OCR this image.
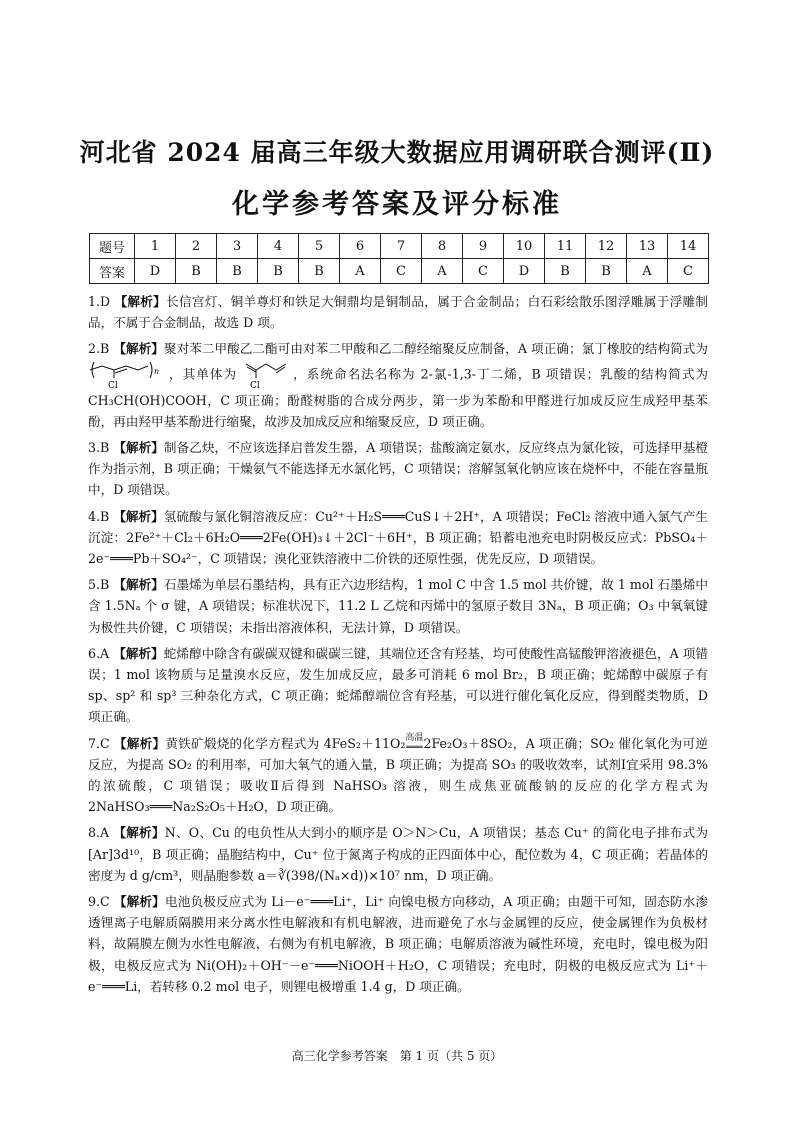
河北省 2024 届高三年级大数据应用调研联合测评(Ⅱ)
化学参考答案及评分标准
题号	1	2	3	4	5	6	7	8	9	10	11	12	13	14
答案	D	B	B	B	B	A	C	A	C	D	B	B	A	C

1.D 【解析】长信宫灯、铜羊尊灯和铁足大铜鼎均是铜制品，属于合金制品；白石彩绘散乐图浮雕属于浮雕制品，不属于合金制品，故选 D 项。

2.B 【解析】聚对苯二甲酸乙二酯可由对苯二甲酸和乙二醇经缩聚反应制备，A 项正确；氯丁橡胶的结构简式为
Cl
n ，其单体为
Cl
，系统命名法名称为 2-氯-1,3-丁二烯，B 项错误；乳酸的结构简式为 CH₃CH(OH)COOH，C 项正确；酚醛树脂的合成分两步，第一步为苯酚和甲醛进行加成反应生成羟甲基苯酚，再由羟甲基苯酚进行缩聚，故涉及加成反应和缩聚反应，D 项正确。

3.B 【解析】制备乙炔，不应该选择启普发生器，A 项错误；盐酸滴定氨水，反应终点为氯化铵，可选择甲基橙作为指示剂，B 项正确；干燥氨气不能选择无水氯化钙，C 项错误；溶解氢氧化钠应该在烧杯中，不能在容量瓶中，D 项错误。

4.B 【解析】氢硫酸与氯化铜溶液反应：Cu²⁺＋H₂S═══CuS↓＋2H⁺，A 项错误；FeCl₂ 溶液中通入氯气产生沉淀：2Fe²⁺＋Cl₂＋6H₂O═══2Fe(OH)₃↓＋2Cl⁻＋6H⁺，B 项正确；铅蓄电池充电时阴极反应式：PbSO₄＋2e⁻═══Pb＋SO₄²⁻，C 项错误；溴化亚铁溶液中二价铁的还原性强，优先反应，D 项错误。

5.B 【解析】石墨烯为单层石墨结构，具有正六边形结构，1 mol C 中含 1.5 mol 共价键，故 1 mol 石墨烯中含 1.5Nₐ 个 σ 键，A 项错误；标准状况下，11.2 L 乙烷和丙烯中的氢原子数目 3Nₐ，B 项正确；O₃ 中氧氧键为极性共价键，C 项错误；未指出溶液体积，无法计算，D 项错误。

6.A 【解析】蛇烯醇中除含有碳碳双键和碳碳三键，其端位还含有羟基，均可使酸性高锰酸钾溶液褪色，A 项错误；1 mol 该物质与足量溴水反应，发生加成反应，最多可消耗 6 mol Br₂，B 项正确；蛇烯醇中碳原子有 sp、sp² 和 sp³ 三种杂化方式，C 项正确；蛇烯醇端位含有羟基，可以进行催化氧化反应，得到醛类物质，D 项正确。

7.C 【解析】黄铁矿煅烧的化学方程式为 4FeS₂＋11O₂高温
═══2Fe₂O₃＋8SO₂，A 项正确；SO₂ 催化氧化为可逆反应，为提高 SO₂ 的利用率，可加大氧气的通入量，B 项正确；为提高 SO₃ 的吸收效率，试剂Ⅰ宜采用 98.3% 的浓硫酸，C 项错误；吸收Ⅱ后得到 NaHSO₃ 溶液，则生成焦亚硫酸钠的反应的化学方程式为 2NaHSO₃═══Na₂S₂O₅＋H₂O，D 项正确。

8.A 【解析】N、O、Cu 的电负性从大到小的顺序是 O＞N＞Cu，A 项错误；基态 Cu⁺ 的简化电子排布式为 [Ar]3d¹⁰，B 项正确；晶胞结构中，Cu⁺ 位于氮离子构成的正四面体中心，配位数为 4，C 项正确；若晶体的密度为 d g/cm³，则晶胞参数 a＝∛(398/(Nₐ×d))×10⁷ nm，D 项正确。

9.C 【解析】电池负极反应式为 Li－e⁻═══Li⁺，Li⁺ 向镍电极方向移动，A 项正确；由题干可知，固态防水渗透锂离子电解质隔膜用来分离水性电解液和有机电解液，进而避免了水与金属锂的反应，使金属锂作为负极材料，故隔膜左侧为水性电解液，右侧为有机电解液，B 项正确；电解质溶液为碱性环境，充电时，镍电极为阳极，电极反应式为 Ni(OH)₂＋OH⁻－e⁻═══NiOOH＋H₂O，C 项错误；充电时，阴极的电极反应式为 Li⁺＋e⁻═══Li，若转移 0.2 mol 电子，则锂电极增重 1.4 g，D 项正确。

高三化学参考答案　第 1 页（共 5 页）
